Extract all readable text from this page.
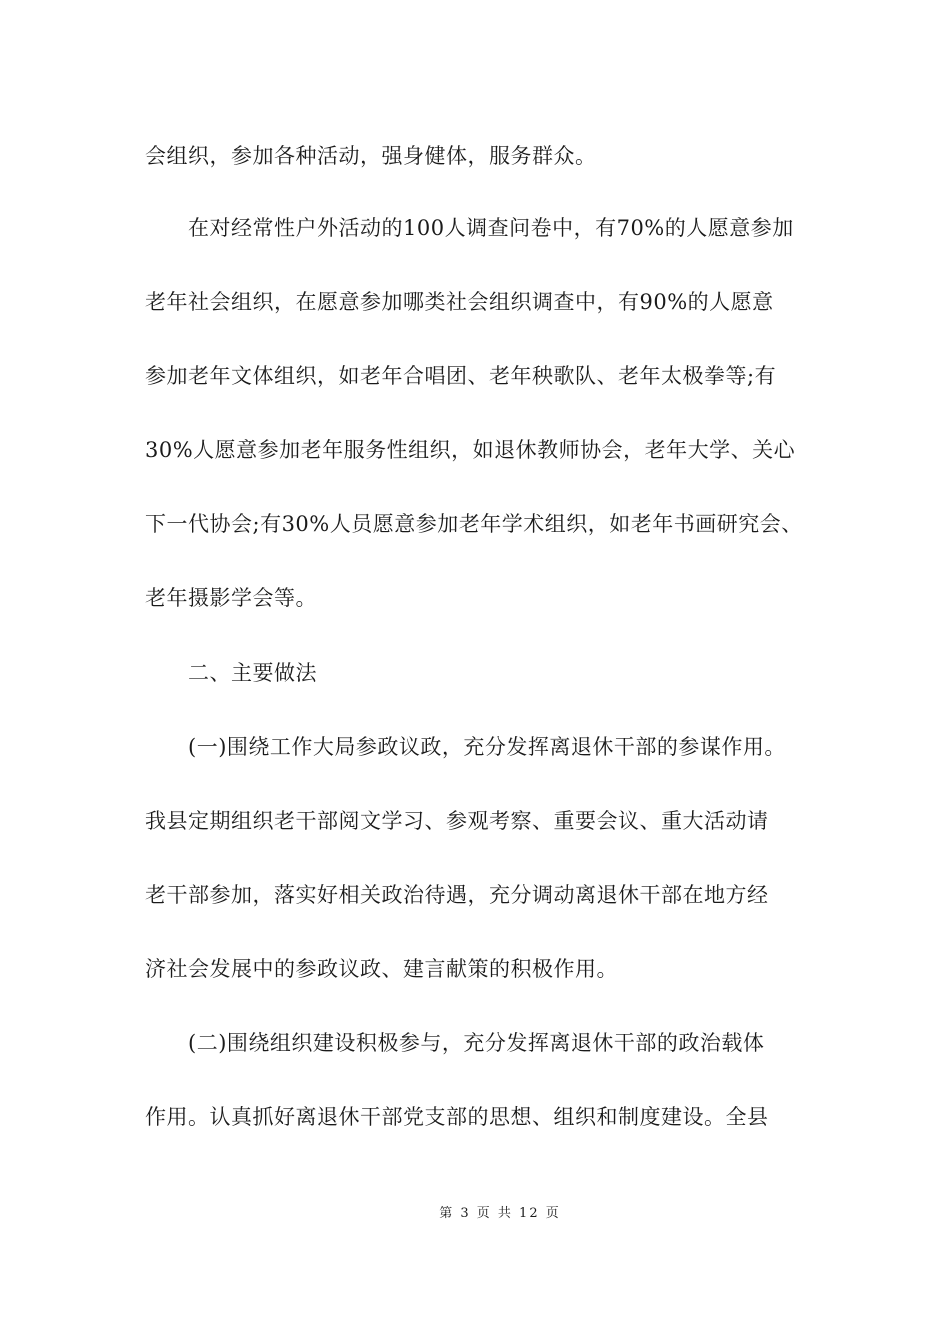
会组织，参加各种活动，强身健体，服务群众。
在对经常性户外活动的100人调查问卷中，有70%的人愿意参加
老年社会组织，在愿意参加哪类社会组织调查中，有90%的人愿意
参加老年文体组织，如老年合唱团、老年秧歌队、老年太极拳等;有
30%人愿意参加老年服务性组织，如退休教师协会，老年大学、关心
下一代协会;有30%人员愿意参加老年学术组织，如老年书画研究会、
老年摄影学会等。
二、主要做法
(一)围绕工作大局参政议政，充分发挥离退休干部的参谋作用。
我县定期组织老干部阅文学习、参观考察、重要会议、重大活动请
老干部参加，落实好相关政治待遇，充分调动离退休干部在地方经
济社会发展中的参政议政、建言献策的积极作用。
(二)围绕组织建设积极参与，充分发挥离退休干部的政治载体
作用。认真抓好离退休干部党支部的思想、组织和制度建设。全县
第 3 页 共 12 页
